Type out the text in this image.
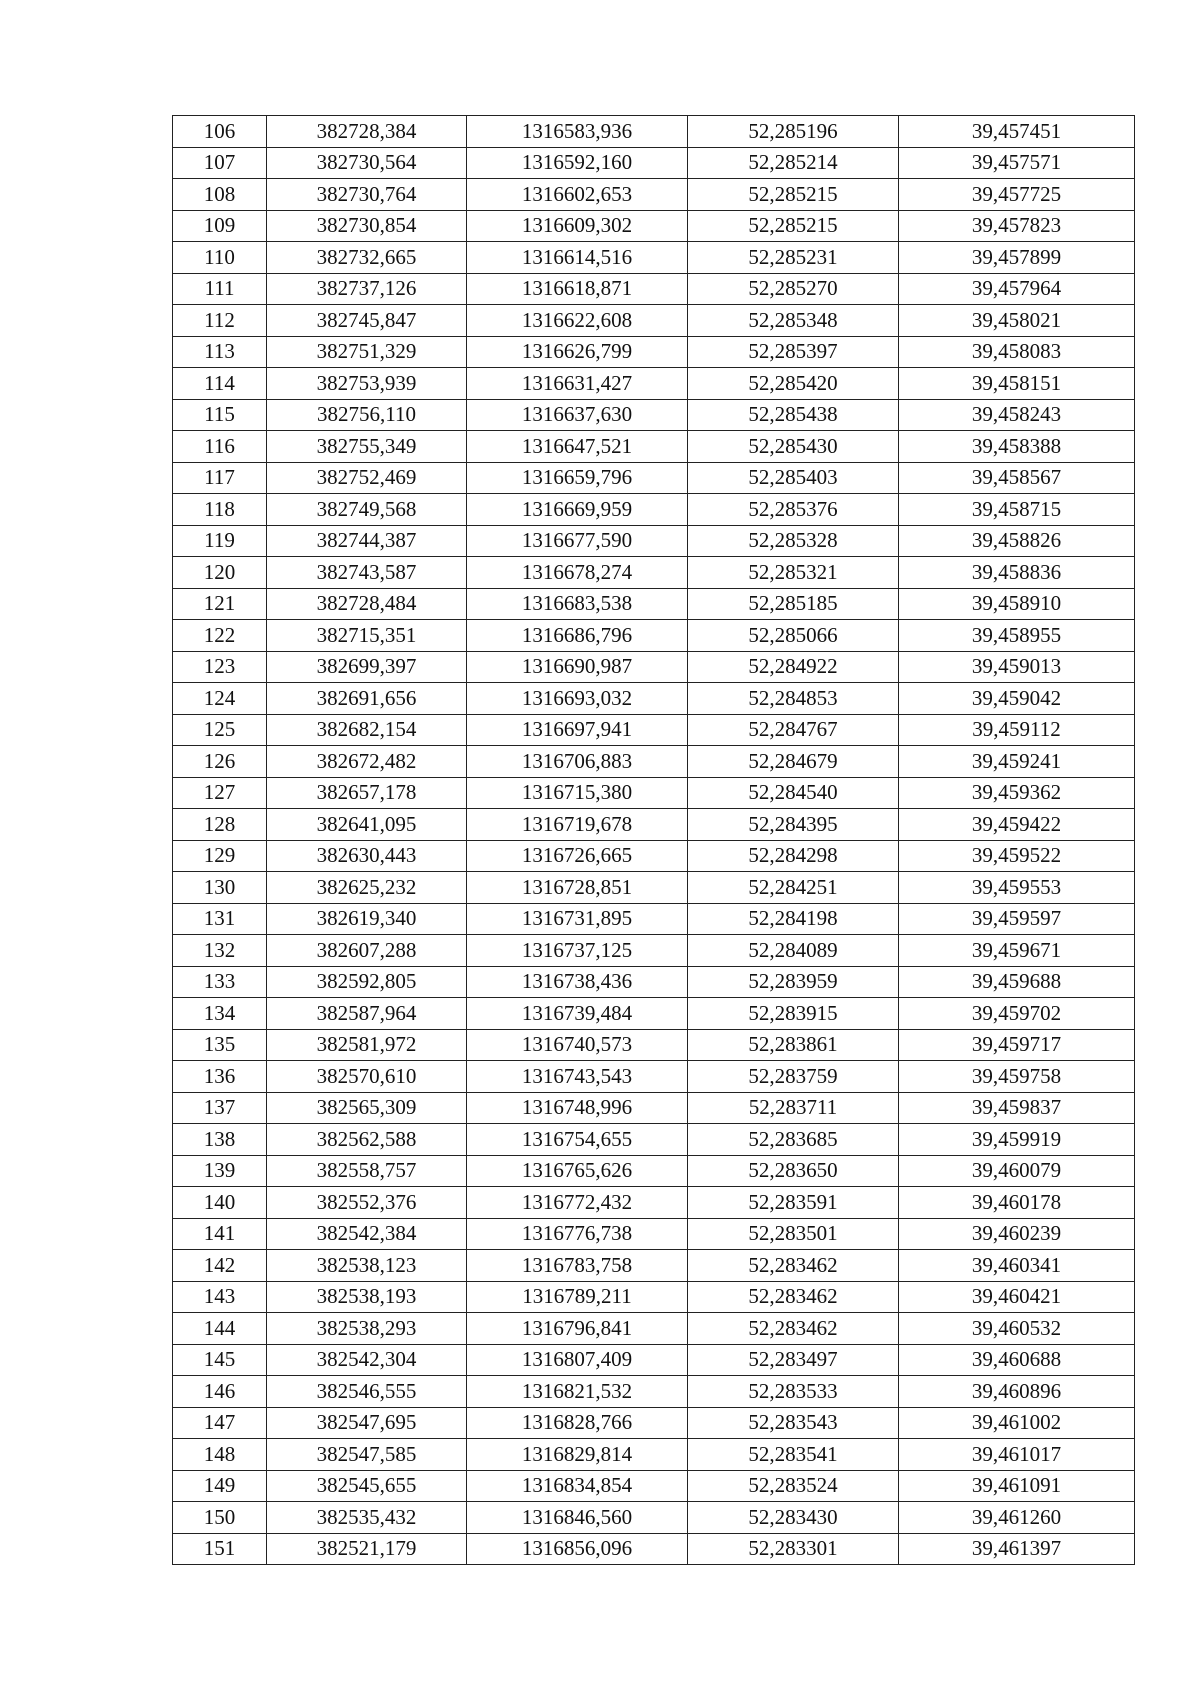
106	382728,384	1316583,936	52,285196	39,457451
107	382730,564	1316592,160	52,285214	39,457571
108	382730,764	1316602,653	52,285215	39,457725
109	382730,854	1316609,302	52,285215	39,457823
110	382732,665	1316614,516	52,285231	39,457899
111	382737,126	1316618,871	52,285270	39,457964
112	382745,847	1316622,608	52,285348	39,458021
113	382751,329	1316626,799	52,285397	39,458083
114	382753,939	1316631,427	52,285420	39,458151
115	382756,110	1316637,630	52,285438	39,458243
116	382755,349	1316647,521	52,285430	39,458388
117	382752,469	1316659,796	52,285403	39,458567
118	382749,568	1316669,959	52,285376	39,458715
119	382744,387	1316677,590	52,285328	39,458826
120	382743,587	1316678,274	52,285321	39,458836
121	382728,484	1316683,538	52,285185	39,458910
122	382715,351	1316686,796	52,285066	39,458955
123	382699,397	1316690,987	52,284922	39,459013
124	382691,656	1316693,032	52,284853	39,459042
125	382682,154	1316697,941	52,284767	39,459112
126	382672,482	1316706,883	52,284679	39,459241
127	382657,178	1316715,380	52,284540	39,459362
128	382641,095	1316719,678	52,284395	39,459422
129	382630,443	1316726,665	52,284298	39,459522
130	382625,232	1316728,851	52,284251	39,459553
131	382619,340	1316731,895	52,284198	39,459597
132	382607,288	1316737,125	52,284089	39,459671
133	382592,805	1316738,436	52,283959	39,459688
134	382587,964	1316739,484	52,283915	39,459702
135	382581,972	1316740,573	52,283861	39,459717
136	382570,610	1316743,543	52,283759	39,459758
137	382565,309	1316748,996	52,283711	39,459837
138	382562,588	1316754,655	52,283685	39,459919
139	382558,757	1316765,626	52,283650	39,460079
140	382552,376	1316772,432	52,283591	39,460178
141	382542,384	1316776,738	52,283501	39,460239
142	382538,123	1316783,758	52,283462	39,460341
143	382538,193	1316789,211	52,283462	39,460421
144	382538,293	1316796,841	52,283462	39,460532
145	382542,304	1316807,409	52,283497	39,460688
146	382546,555	1316821,532	52,283533	39,460896
147	382547,695	1316828,766	52,283543	39,461002
148	382547,585	1316829,814	52,283541	39,461017
149	382545,655	1316834,854	52,283524	39,461091
150	382535,432	1316846,560	52,283430	39,461260
151	382521,179	1316856,096	52,283301	39,461397
